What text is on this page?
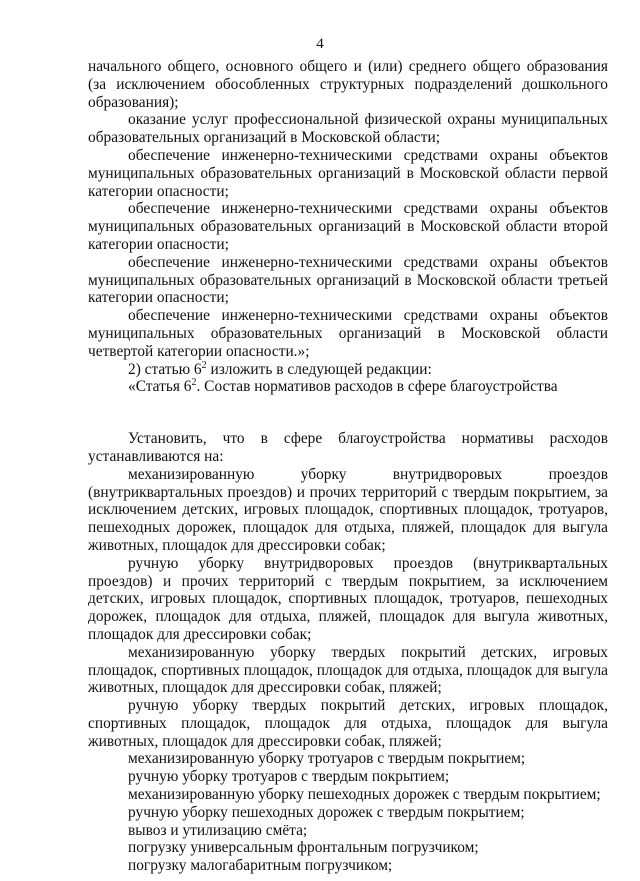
4

начального общего, основного общего и (или) среднего общего образования (за исключением обособленных структурных подразделений дошкольного образования);

оказание услуг профессиональной физической охраны муниципальных образовательных организаций в Московской области;

обеспечение инженерно-техническими средствами охраны объектов муниципальных образовательных организаций в Московской области первой категории опасности;

обеспечение инженерно-техническими средствами охраны объектов муниципальных образовательных организаций в Московской области второй категории опасности;

обеспечение инженерно-техническими средствами охраны объектов муниципальных образовательных организаций в Московской области третьей категории опасности;

обеспечение инженерно-техническими средствами охраны объектов муниципальных образовательных организаций в Московской области четвертой категории опасности.»;

2) статью $6^2$ изложить в следующей редакции:

«Статья $6^2$. Состав нормативов расходов в сфере благоустройства

Установить, что в сфере благоустройства нормативы расходов устанавливаются на:

механизированную уборку внутридворовых проездов (внутриквартальных проездов) и прочих территорий с твердым покрытием, за исключением детских, игровых площадок, спортивных площадок, тротуаров, пешеходных дорожек, площадок для отдыха, пляжей, площадок для выгула животных, площадок для дрессировки собак;

ручную уборку внутридворовых проездов (внутриквартальных проездов) и прочих территорий с твердым покрытием, за исключением детских, игровых площадок, спортивных площадок, тротуаров, пешеходных дорожек, площадок для отдыха, пляжей, площадок для выгула животных, площадок для дрессировки собак;

механизированную уборку твердых покрытий детских, игровых площадок, спортивных площадок, площадок для отдыха, площадок для выгула животных, площадок для дрессировки собак, пляжей;

ручную уборку твердых покрытий детских, игровых площадок, спортивных площадок, площадок для отдыха, площадок для выгула животных, площадок для дрессировки собак, пляжей;

механизированную уборку тротуаров с твердым покрытием;

ручную уборку тротуаров с твердым покрытием;

механизированную уборку пешеходных дорожек с твердым покрытием;

ручную уборку пешеходных дорожек с твердым покрытием;

вывоз и утилизацию смёта;

погрузку универсальным фронтальным погрузчиком;

погрузку малогабаритным погрузчиком;
